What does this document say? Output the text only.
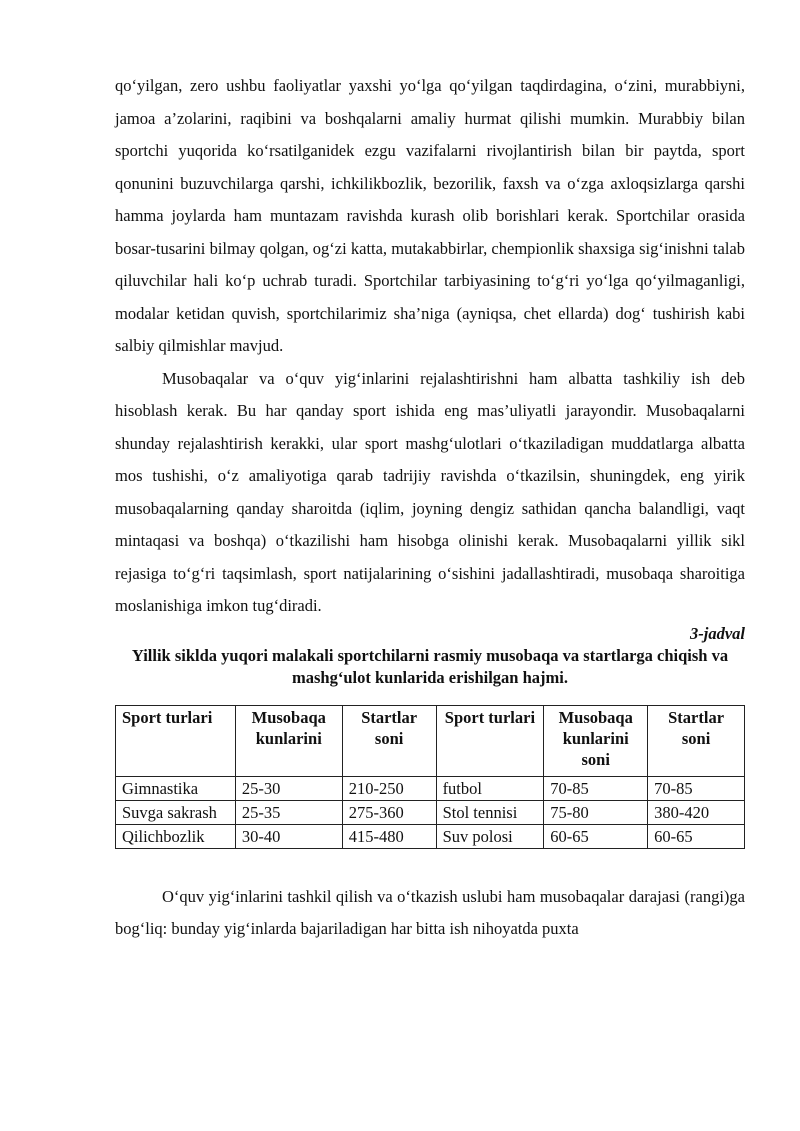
qo‘yilgan, zero ushbu faoliyatlar yaxshi yo‘lga qo‘yilgan taqdirdagina, o‘zini, murabbiyni, jamoa a’zolarini, raqibini va boshqalarni amaliy hurmat qilishi mumkin. Murabbiy bilan sportchi yuqorida ko‘rsatilganidek ezgu vazifalarni rivojlantirish bilan bir paytda, sport qonunini buzuvchilarga qarshi, ichkilikbozlik, bezorilik, faxsh va o‘zga axloqsizlarga qarshi hamma joylarda ham muntazam ravishda kurash olib borishlari kerak. Sportchilar orasida bosar-tusarini bilmay qolgan, og‘zi katta, mutakabbirlar, chempionlik shaxsiga sig‘inishni talab qiluvchilar hali ko‘p uchrab turadi. Sportchilar tarbiyasining to‘g‘ri yo‘lga qo‘yilmaganligi, modalar ketidan quvish, sportchilarimiz sha’niga (ayniqsa, chet ellarda) dog‘ tushirish kabi salbiy qilmishlar mavjud.

Musobaqalar va o‘quv yig‘inlarini rejalashtirishni ham albatta tashkiliy ish deb hisoblash kerak. Bu har qanday sport ishida eng mas’uliyatli jarayondir. Musobaqalarni shunday rejalashtirish kerakki, ular sport mashg‘ulotlari o‘tkaziladigan muddatlarga albatta mos tushishi, o‘z amaliyotiga qarab tadrijiy ravishda o‘tkazilsin, shuningdek, eng yirik musobaqalarning qanday sharoitda (iqlim, joyning dengiz sathidan qancha balandligi, vaqt mintaqasi va boshqa) o‘tkazilishi ham hisobga olinishi kerak. Musobaqalarni yillik sikl rejasiga to‘g‘ri taqsimlash, sport natijalarining o‘sishini jadallashtiradi, musobaqa sharoitiga moslanishiga imkon tug‘diradi.

3-jadval

Yillik siklda yuqori malakali sportchilarni rasmiy musobaqa va startlarga chiqish va mashg‘ulot kunlarida erishilgan hajmi.

Sport turlari	Musobaqa kunlarini	Startlar soni	Sport turlari	Musobaqa kunlarini soni	Startlar soni
Gimnastika	25-30	210-250	futbol	70-85	70-85
Suvga sakrash	25-35	275-360	Stol tennisi	75-80	380-420
Qilichbozlik	30-40	415-480	Suv polosi	60-65	60-65

O‘quv yig‘inlarini tashkil qilish va o‘tkazish uslubi ham musobaqalar darajasi (rangi)ga bog‘liq: bunday yig‘inlarda bajariladigan har bitta ish nihoyatda puxta
